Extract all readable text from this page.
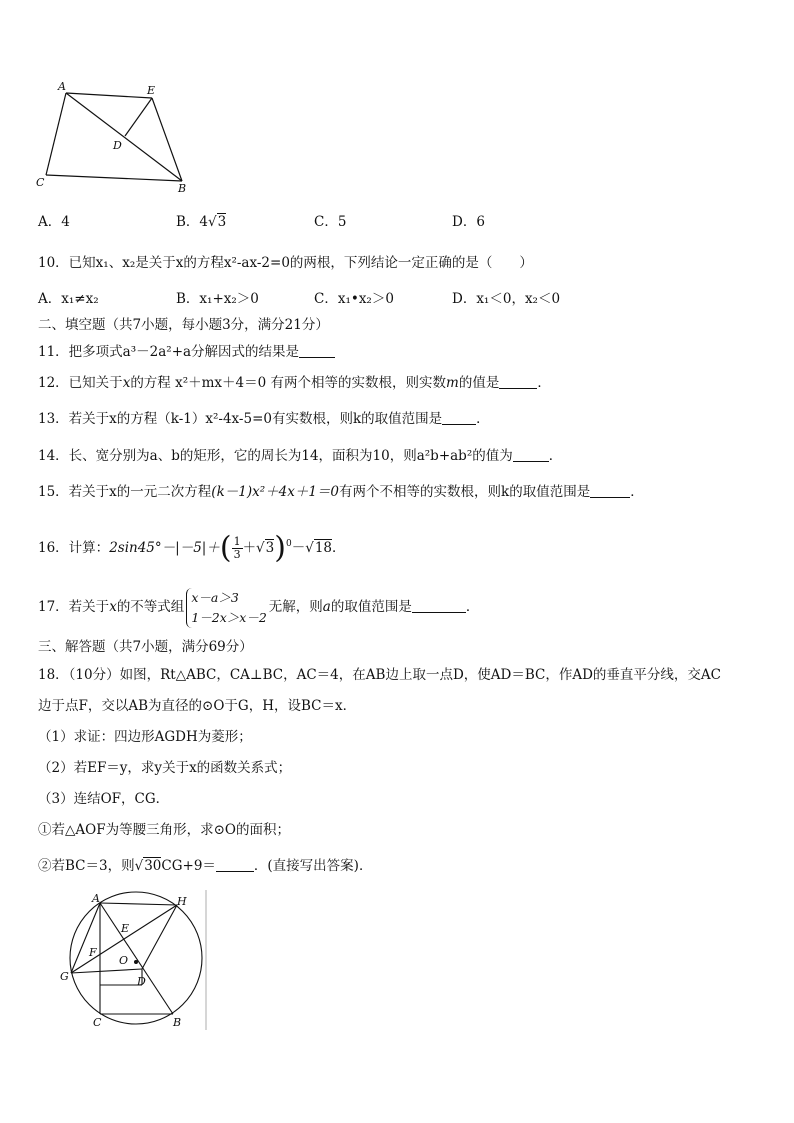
A	E
D
C	B
A．4	B．4√3	C．5	D．6
10．已知x₁、x₂是关于x的方程x²-ax-2=0的两根，下列结论一定正确的是（　　）
A．x₁≠x₂	B．x₁+x₂＞0	C．x₁•x₂＞0	D．x₁＜0，x₂＜0
二、填空题（共7小题，每小题3分，满分21分）
11．把多项式a³－2a²+a分解因式的结果是
12．已知关于x的方程 x²＋mx＋4＝0 有两个相等的实数根，则实数m的值是	．
13．若关于x的方程（k-1）x²-4x-5=0有实数根，则k的取值范围是	．
14．长、宽分别为a、b的矩形，它的周长为14，面积为10，则a²b+ab²的值为	．
15．若关于x的一元二次方程(k－1)x²＋4x＋1＝0有两个不相等的实数根，则k的取值范围是	．
16．计算：$2\sin 45^\circ-|-5|+( \frac{1}{3} +√3)^0-√18$．
17．若关于x的不等式组
x－a＞3
1－2x＞x－2
无解，则a的取值范围是	．
三、解答题（共7小题，满分69分）
18．（10分）如图，Rt△ABC，CA⊥BC，AC＝4，在AB边上取一点D，使AD＝BC，作AD的垂直平分线，交AC
边于点F，交以AB为直径的⊙O于G，H，设BC＝x．
（1）求证：四边形AGDH为菱形；
（2）若EF＝y，求y关于x的函数关系式；
（3）连结OF，CG．
①若△AOF为等腰三角形，求⊙O的面积；
②若BC＝3，则√30CG+9＝	．(直接写出答案)．
A	H
E
F
O
G	D
C	B
